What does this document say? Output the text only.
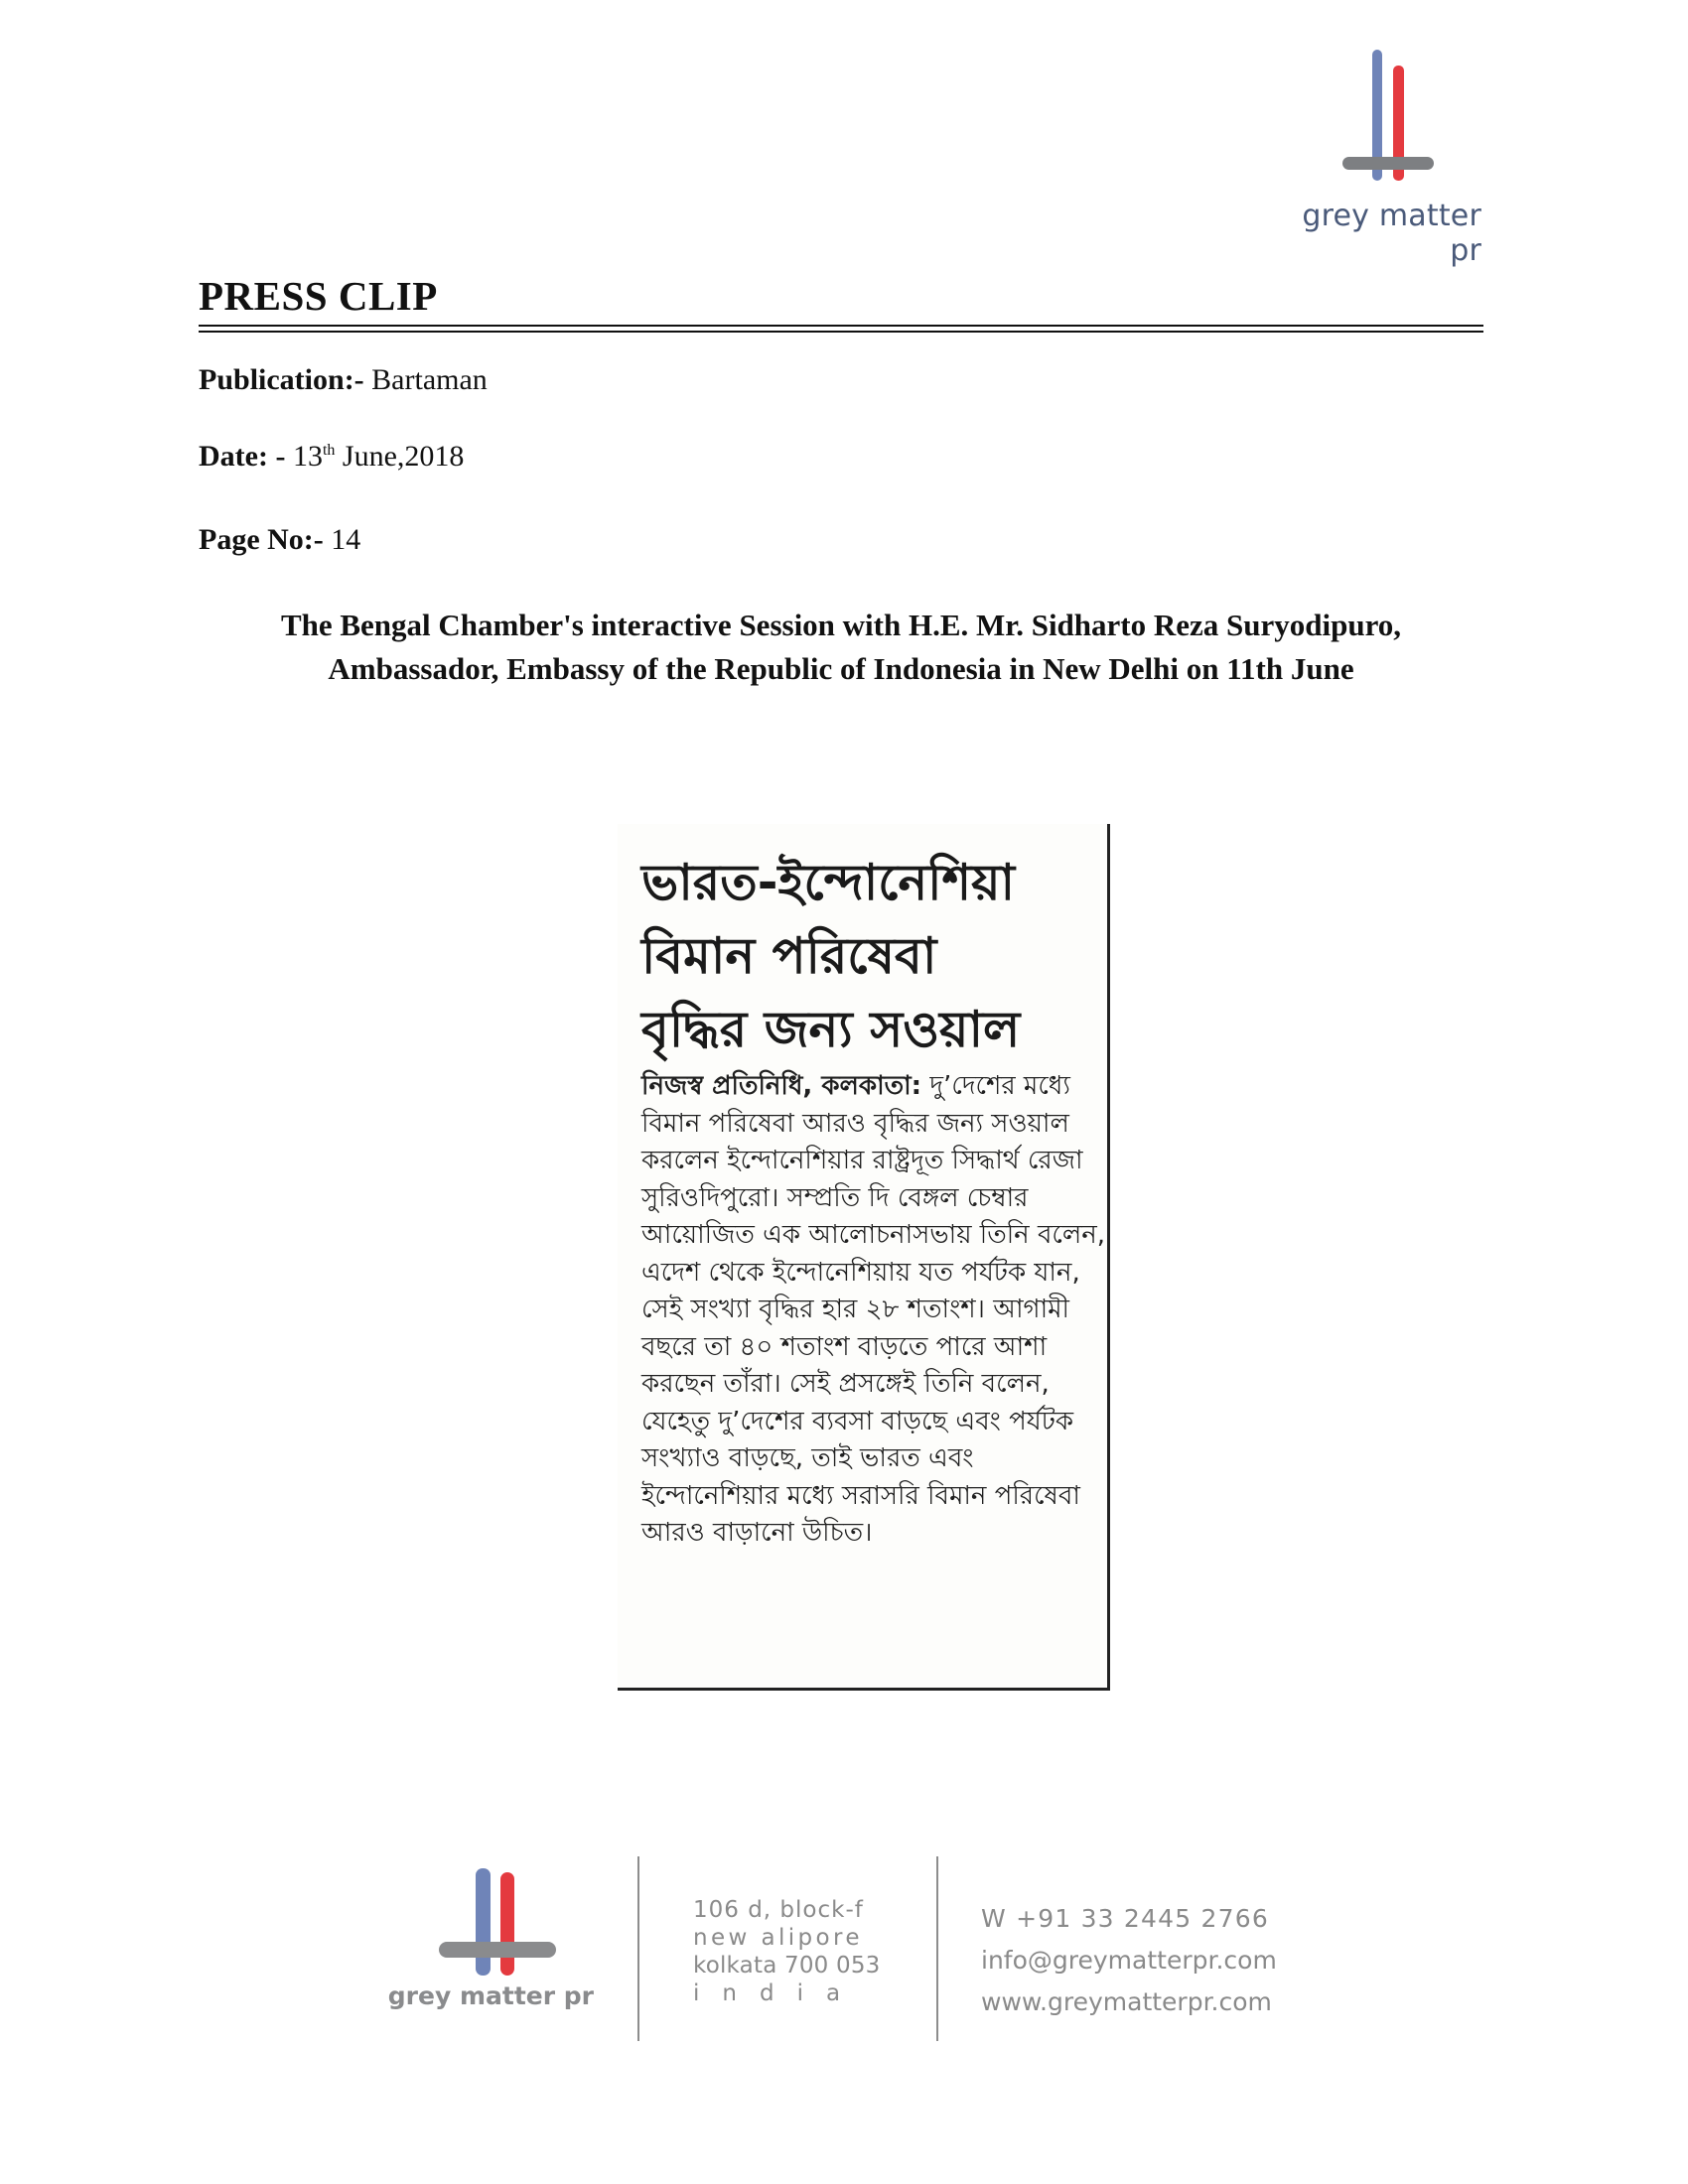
grey matter pr
PRESS CLIP

Publication:- Bartaman

Date: - 13th June,2018

Page No:- 14

The Bengal Chamber's interactive Session with H.E. Mr. Sidharto Reza Suryodipuro,
Ambassador, Embassy of the Republic of Indonesia in New Delhi on 11th June

ভারত-ইন্দোনেশিয়া
বিমান পরিষেবা
বৃদ্ধির জন্য সওয়াল

নিজস্ব প্রতিনিধি, কলকাতা: দু’দেশের মধ্যে বিমান পরিষেবা আরও বৃদ্ধির জন্য সওয়াল করলেন ইন্দোনেশিয়ার রাষ্ট্রদূত সিদ্ধার্থ রেজা সুরিওদিপুরো। সম্প্রতি দি বেঙ্গল চেম্বার আয়োজিত এক আলোচনাসভায় তিনি বলেন, এদেশ থেকে ইন্দোনেশিয়ায় যত পর্যটক যান, সেই সংখ্যা বৃদ্ধির হার ২৮ শতাংশ। আগামী বছরে তা ৪০ শতাংশ বাড়তে পারে আশা করছেন তাঁরা। সেই প্রসঙ্গেই তিনি বলেন, যেহেতু দু’দেশের ব্যবসা বাড়ছে এবং পর্যটক সংখ্যাও বাড়ছে, তাই ভারত এবং ইন্দোনেশিয়ার মধ্যে সরাসরি বিমান পরিষেবা আরও বাড়ানো উচিত।

grey matter pr
106 d, block-f
new alipore
kolkata 700 053
india
W +91 33 2445 2766
info@greymatterpr.com
www.greymatterpr.com
